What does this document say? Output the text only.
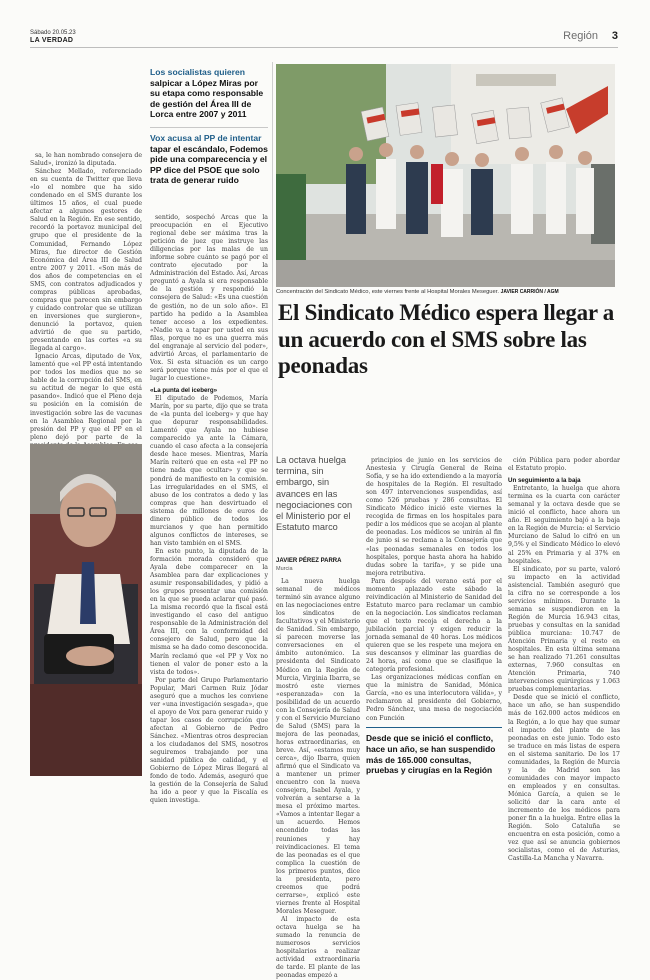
Sábado 20.05.23
LA VERDAD	Región 3
Los socialistas quieren salpicar a López Miras por su etapa como responsable de gestión del Área III de Lorca entre 2007 y 2011
Vox acusa al PP de intentar tapar el escándalo, Fodemos pide una comparecencia y el PP dice del PSOE que solo trata de generar ruido

sa, le han nombrado consejera de Salud», ironizó la diputada.

Sánchez Mellado, referenciado en su cuenta de Twitter que lleva «lo el nombre que ha sido condenado en el SMS durante los últimos 15 años, el cual puede afectar a algunos gestores de Salud en la Región. En ese sentido, recordó la portavoz municipal del grupo que el presidente de la Comunidad, Fernando López Miras, fue director de Gestión Económica del Área III de Salud entre 2007 y 2011. «Son más de dos años de competencias en el SMS, con contratos adjudicados y compras públicas aprobadas, compras que parecen sin embargo y cuidado controlar que se utilizan en inversiones que surgieron», denunció la portavoz, quien advirtió de que su partido, presentando en las cortes «a su llegada al cargo».

Ignacio Arcas, diputado de Vox, lamentó que «el PP está intentando por todos los medios que no se hable de la corrupción del SMS, en su actitud de negar lo que está pasando». Indicó que el Pleno deja su posición en la comisión de investigación sobre las de vacunas en la Asamblea Regional por la presión del PP y que el PP en el pleno dejó por parte de la

sentido, sospechó Arcas que la preocupación en el Ejecutivo regional debe ser máxima tras la petición de juez que instruye las diligencias por las malas de un informe sobre cuánto se pagó por el contrato ejecutado por la Administración del Estado. Así, Arcas preguntó a Ayala si era responsable de la gestión y respondió la consejera de Salud: «Es una cuestión de gestión, no de un solo año». El partido ha pedido a la Asamblea tener acceso a los expedientes. «Nadie va a tapar por usted en sus filas, porque no es una guerra más del engranaje al servicio del poder», advirtió Arcas, el parlamentario de Vox. Si esta situación es un cargo será porque viene más por el que el lugar lo cuestione».

«La punta del iceberg»

El diputado de Podemos, María Marín, por su parte, dijo que se trata de «la punta del iceberg» y que hay que depurar responsabilidades. Lamentó que Ayala no hubiese comparecido ya ante la Cámara, cuando el caso afecta a la consejería desde hace meses. Mientras, María Marín reiteró que en esta «el PP no tiene nada que ocultar» y que se pondrá de manifiesto en la comisión. Las irregularidades en el SMS, el abuso de los contratos a dedo y las compras que han desvirtuado el sistema de millones de euros de dinero público de todos los murcianos y que han permitido algunos conflictos de intereses, se han visto también en el SMS.

En este punto, la diputada de la formación morada consideró que Ayala debe comparecer en la Asamblea para dar explicaciones y asumir responsabilidades, y pidió a los grupos presentar una comisión en la que se pueda aclarar qué pasó. La misma recordó que la fiscal está investigando el caso del antiguo responsable de la Administración del Área III, con la conformidad del consejero de Salud, pero que la misma se ha dado como desconocida. Marín reclamó que «el PP y Vox no tienen el valor de poner esto a la vista de todos».

Por parte del Grupo Parlamentario Popular, Mari Carmen Ruiz Jódar aseguró que a muchos les conviene ver «una investigación sesgada», que el apoyo de Vox para generar ruido y tapar los casos de corrupción que afectan al Gobierno de Pedro Sánchez. «Mientras otros desprecian a los ciudadanos del SMS, nosotros seguiremos trabajando por una sanidad pública de calidad, y el Gobierno de López Miras llegará al fondo de todo. Además, aseguró que la gestión de la Consejería de Salud ha ido a peor y que la Fiscalía es quien investiga.

Concentración del Sindicato Médico, este viernes frente al Hospital Morales Meseguer. JAVIER CARRIÓN / AGM
El Sindicato Médico espera llegar a un acuerdo con el SMS sobre las peonadas
La octava huelga termina, sin embargo, sin avances en las negociaciones con el Ministerio por el Estatuto marco
JAVIER PÉREZ PARRA
Murcia

La nueva huelga semanal de médicos terminó sin avance alguno en las negociaciones entre los sindicatos de facultativos y el Ministerio de Sanidad. Sin embargo, sí parecen moverse las conversaciones en el ámbito autonómico. La presidenta del Sindicato Médico en la Región de Murcia, Virginia Ibarra, se mostró este viernes «esperanzada» con la posibilidad de un acuerdo con la Consejería de Salud y con el Servicio Murciano de Salud (SMS) para la mejora de las peonadas, horas extraordinarias, en breve. Así, «estamos muy cerca», dijo Ibarra, quien afirmó que el Sindicato va a mantener un primer encuentro con la nueva consejera, Isabel Ayala, y volverán a sentarse a la mesa el próximo martes. «Vamos a intentar llegar a un acuerdo. Hemos encendido todas las reuniones y hay reivindicaciones. El tema de las peonadas es el que complica la cuestión de los primeros puntos, dice la presidenta, pero creemos que podrá cerrarse», explicó este viernes frente al Hospital Morales Meseguer.

Al impacto de esta octava huelga se ha sumado la renuncia de numerosos servicios hospitalarios a realizar actividad extraordinaria de tarde. El plante de las peonadas empezó a

principios de junio en los servicios de Anestesia y Cirugía General de Reina Sofía, y se ha ido extendiendo a la mayoría de hospitales de la Región. El resultado son 497 intervenciones suspendidas, así como 526 pruebas y 286 consultas. El Sindicato Médico inició este viernes la recogida de firmas en los hospitales para pedir a los médicos que se acojan al plante de peonadas. Los médicos se unirán al fin de junio si se reclama a la Consejería que «las peonadas semanales en todos los hospitales, porque hasta ahora ha habido dudas sobre la tarifa», y se pide una mejora retributiva.

Para después del verano está por el momento aplazado este sábado la reivindicación al Ministerio de Sanidad del Estatuto marco para reclamar un cambio en la negociación. Los sindicatos reclaman que el texto recoja el derecho a la jubilación parcial y exigen reducir la jornada semanal de 40 horas. Los médicos quieren que se les respete una mejora en sus descansos y eliminar las guardias de 24 horas, así como que se clasifique la categoría profesional.

Las organizaciones médicas confían en que la ministra de Sanidad, Mónica García, «no es una interlocutora válida», y reclamaron al presidente del Gobierno, Pedro Sánchez, una mesa de negociación con Función

ción Pública para poder abordar el Estatuto propio.

Un seguimiento a la baja

Entretanto, la huelga que ahora termina es la cuarta con carácter semanal y la octava desde que se inició el conflicto, hace ahora un año. El seguimiento bajó a la baja en la Región de Murcia: el Servicio Murciano de Salud lo cifró en un 9,5% y el Sindicato Médico lo elevó al 25% en Primaria y al 37% en hospitales.

El sindicato, por su parte, valoró su impacto en la actividad asistencial. También aseguró que la cifra no se corresponde a los servicios mínimos. Durante la semana se suspendieron en la Región de Murcia 16.943 citas, pruebas y consultas en la sanidad pública murciana: 10.747 de Atención Primaria y el resto en hospitales. En esta última semana se han realizado 71.261 consultas externas, 7.960 consultas en Atención Primaria, 740 intervenciones quirúrgicas y 1.063 pruebas complementarias.

Desde que se inició el conflicto, hace un año, se han suspendido más de 162.000 actos médicos en la Región, a lo que hay que sumar el impacto del plante de las peonadas en este junio. Todo esto se traduce en más listas de espera en el sistema sanitario. De los 17 comunidades, la Región de Murcia y la de Madrid son las comunidades con mayor impacto en empleados y en consultas. Mónica García, a quien se le solicitó dar la cara ante el incremento de los médicos para poner fin a la huelga. Entre ellas la Región. Solo Cataluña se encuentra en esta posición, como a vez que así se anuncia gobiernos socialistas, como el de Asturias, Castilla-La Mancha y Navarra.

Desde que se inició el conflicto, hace un año, se han suspendido más de 165.000 consultas, pruebas y cirugías en la Región
